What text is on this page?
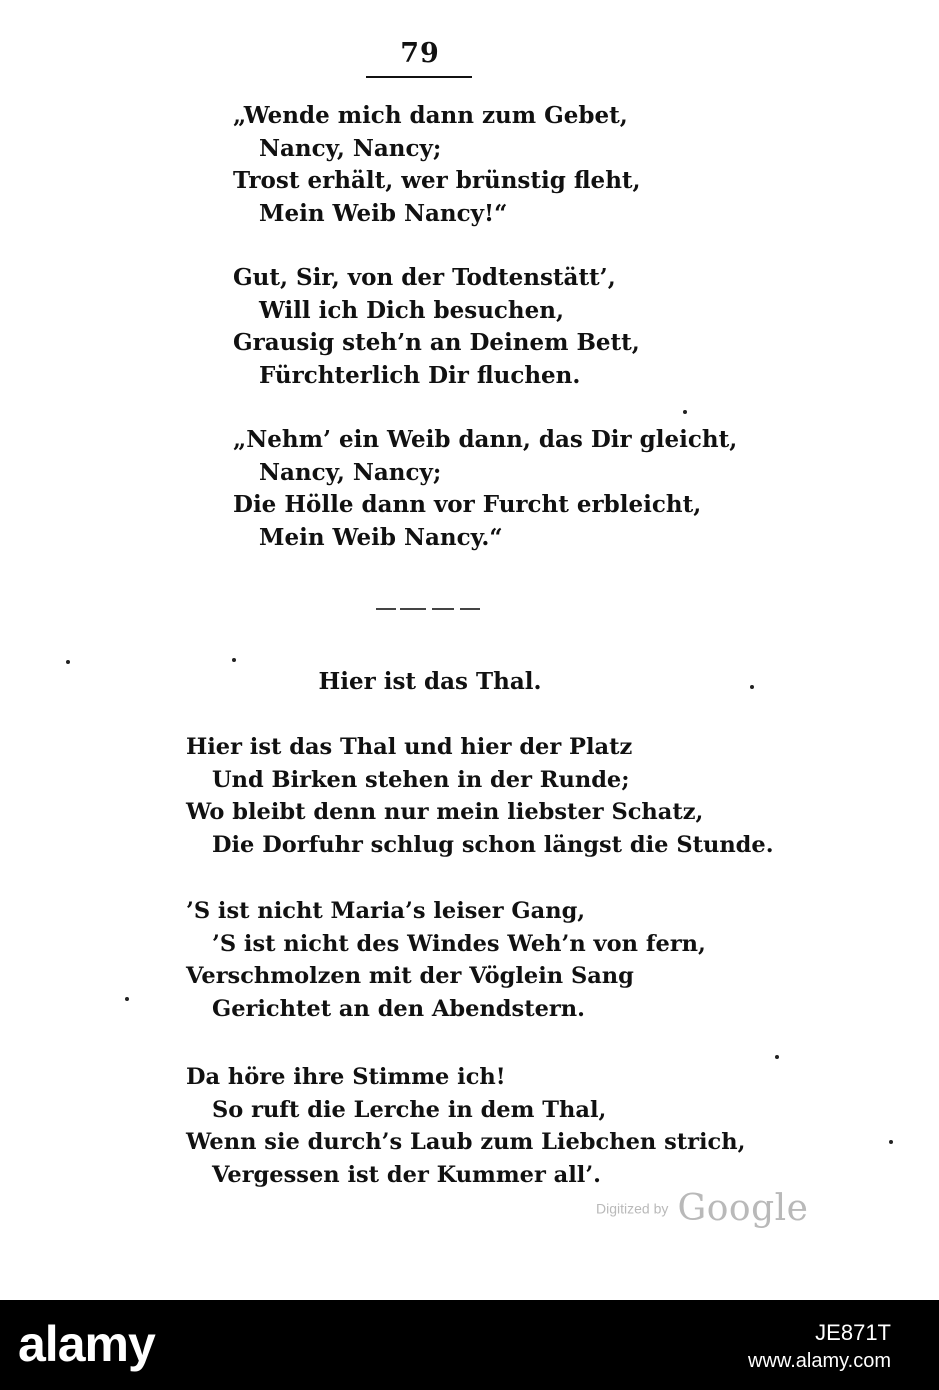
79
„Wende mich dann zum Gebet,
Nancy, Nancy;
Trost erhält, wer brünstig fleht,
Mein Weib Nancy!“
Gut, Sir, von der Todtenstätt’,
Will ich Dich besuchen,
Grausig steh’n an Deinem Bett,
Fürchterlich Dir fluchen.
„Nehm’ ein Weib dann, das Dir gleicht,
Nancy, Nancy;
Die Hölle dann vor Furcht erbleicht,
Mein Weib Nancy.“
Hier ist das Thal.
Hier ist das Thal und hier der Platz
Und Birken stehen in der Runde;
Wo bleibt denn nur mein liebster Schatz,
Die Dorfuhr schlug schon längst die Stunde.
’S ist nicht Maria’s leiser Gang,
’S ist nicht des Windes Weh’n von fern,
Verschmolzen mit der Vöglein Sang
Gerichtet an den Abendstern.
Da höre ihre Stimme ich!
So ruft die Lerche in dem Thal,
Wenn sie durch’s Laub zum Liebchen strich,
Vergessen ist der Kummer all’.
Digitized by Google
alamy	JE871T
www.alamy.com
